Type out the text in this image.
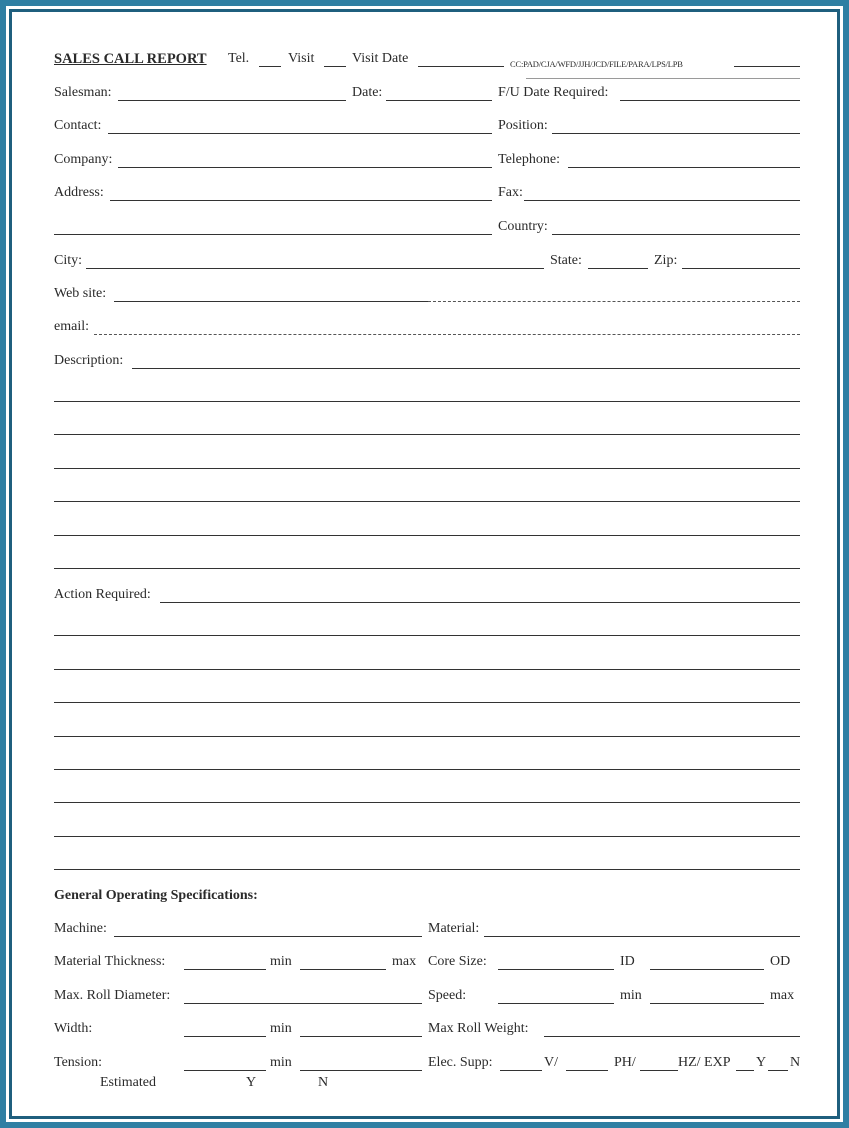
SALES CALL REPORT Tel.	Visit	Visit Date	CC:PAD/CJA/WFD/JJH/JCD/FILE/PARA/LPS/LPB
Salesman:	Date:	F/U Date Required:
Contact:	Position:
Company:	Telephone:
Address:	Fax:
Country:
City:	State:	Zip:
Web site:
email:
Description:
Action Required:
General Operating Specifications:
Machine:	Material:
Material Thickness:	min	max Core Size:	ID	OD
Max. Roll Diameter:	Speed:	min	max
Width:	min	Max Roll Weight:
Tension:	min	Elec. Supp:	V/	PH/	HZ/ EXP Y N
Estimated	Y	N
